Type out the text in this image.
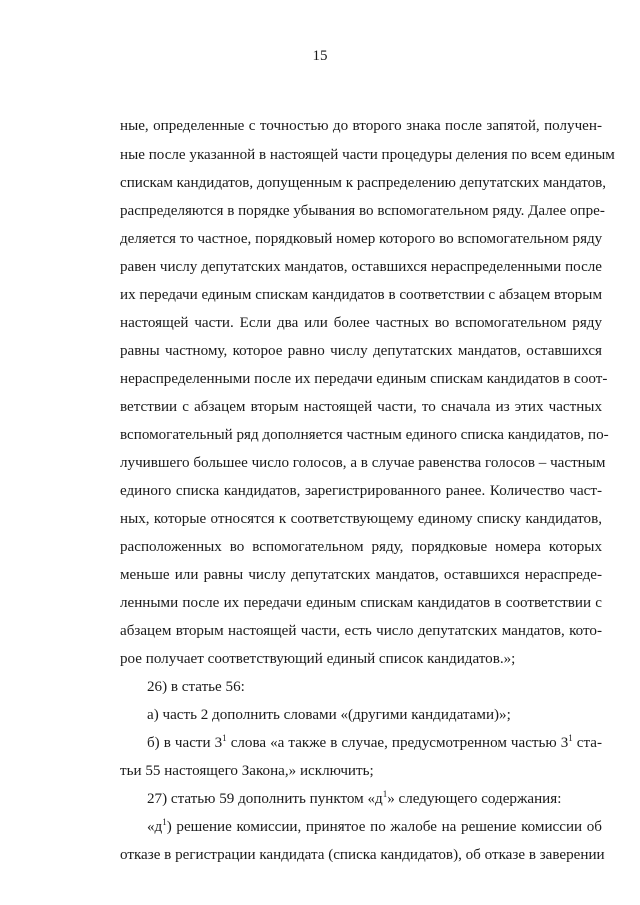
15
ные, определенные с точностью до второго знака после запятой, получен-
ные после указанной в настоящей части процедуры деления по всем единым
спискам кандидатов, допущенным к распределению депутатских мандатов,
распределяются в порядке убывания во вспомогательном ряду. Далее опре-
деляется то частное, порядковый номер которого во вспомогательном ряду
равен числу депутатских мандатов, оставшихся нераспределенными после
их передачи единым спискам кандидатов в соответствии с абзацем вторым
настоящей части. Если два или более частных во вспомогательном ряду
равны частному, которое равно числу депутатских мандатов, оставшихся
нераспределенными после их передачи единым спискам кандидатов в соот-
ветствии с абзацем вторым настоящей части, то сначала из этих частных
вспомогательный ряд дополняется частным единого списка кандидатов, по-
лучившего большее число голосов, а в случае равенства голосов – частным
единого списка кандидатов, зарегистрированного ранее. Количество част-
ных, которые относятся к соответствующему единому списку кандидатов,
расположенных во вспомогательном ряду, порядковые номера которых
меньше или равны числу депутатских мандатов, оставшихся нераспреде-
ленными после их передачи единым спискам кандидатов в соответствии с
абзацем вторым настоящей части, есть число депутатских мандатов, кото-
рое получает соответствующий единый список кандидатов.»;
26) в статье 56:
а) часть 2 дополнить словами «(другими кандидатами)»;
б) в части $3^1$ слова «а также в случае, предусмотренном частью $3^1$ ста-
тьи 55 настоящего Закона,» исключить;
27) статью 59 дополнить пунктом «$д^1$» следующего содержания:
«$д^1$) решение комиссии, принятое по жалобе на решение комиссии об
отказе в регистрации кандидата (списка кандидатов), об отказе в заверении
